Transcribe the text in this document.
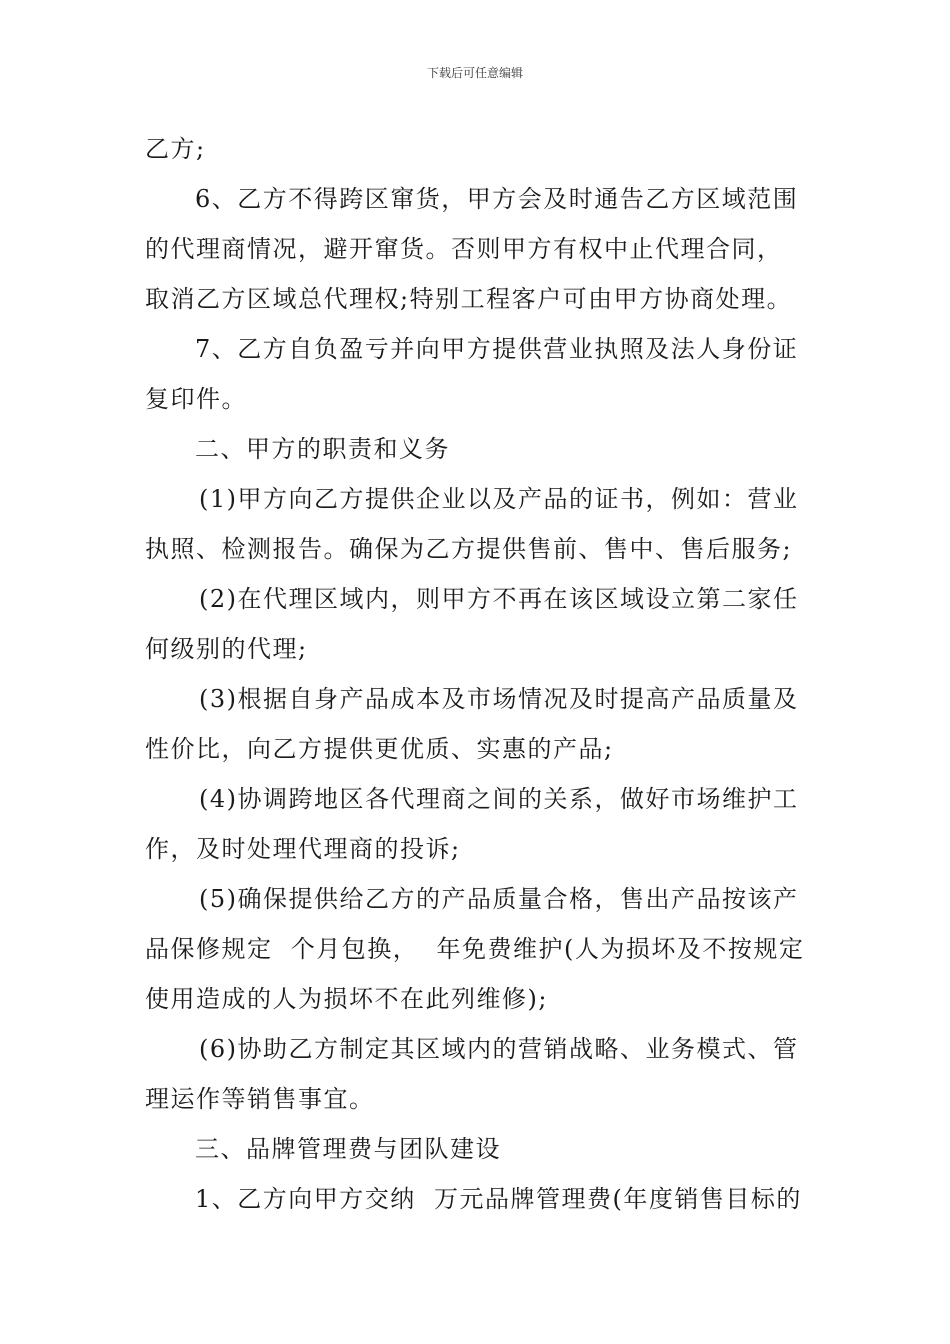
下载后可任意编辑
乙方;
6、乙方不得跨区窜货，甲方会及时通告乙方区域范围
的代理商情况，避开窜货。否则甲方有权中止代理合同，
取消乙方区域总代理权;特别工程客户可由甲方协商处理。
7、乙方自负盈亏并向甲方提供营业执照及法人身份证
复印件。
二、甲方的职责和义务
(1)甲方向乙方提供企业以及产品的证书，例如：营业
执照、检测报告。确保为乙方提供售前、售中、售后服务;
(2)在代理区域内，则甲方不再在该区域设立第二家任
何级别的代理;
(3)根据自身产品成本及市场情况及时提高产品质量及
性价比，向乙方提供更优质、实惠的产品;
(4)协调跨地区各代理商之间的关系，做好市场维护工
作，及时处理代理商的投诉;
(5)确保提供给乙方的产品质量合格，售出产品按该产
品保修规定  个月包换，  年免费维护(人为损坏及不按规定
使用造成的人为损坏不在此列维修);
(6)协助乙方制定其区域内的营销战略、业务模式、管
理运作等销售事宜。
三、品牌管理费与团队建设
1、乙方向甲方交纳  万元品牌管理费(年度销售目标的
